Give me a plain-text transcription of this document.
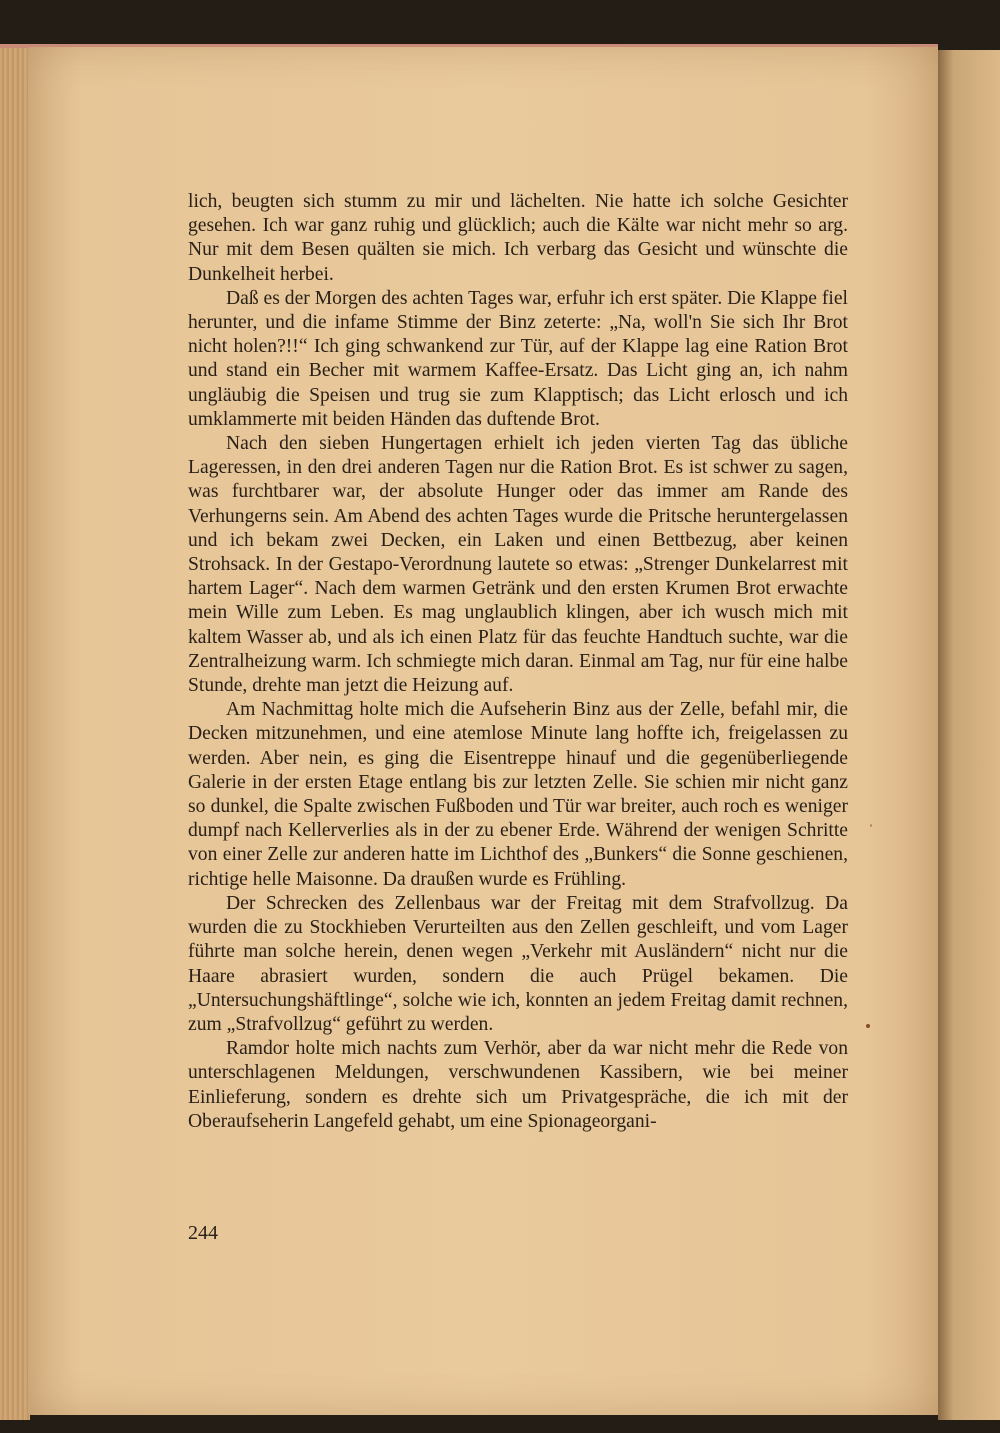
lich, beugten sich stumm zu mir und lächelten. Nie hatte ich solche Gesichter gesehen. Ich war ganz ruhig und glücklich; auch die Kälte war nicht mehr so arg. Nur mit dem Besen quälten sie mich. Ich verbarg das Gesicht und wünschte die Dunkelheit herbei.

Daß es der Morgen des achten Tages war, erfuhr ich erst später. Die Klappe fiel herunter, und die infame Stimme der Binz zeterte: „Na, woll'n Sie sich Ihr Brot nicht holen?!!“ Ich ging schwankend zur Tür, auf der Klappe lag eine Ration Brot und stand ein Becher mit warmem Kaffee-Ersatz. Das Licht ging an, ich nahm ungläubig die Speisen und trug sie zum Klapptisch; das Licht erlosch und ich umklammerte mit beiden Händen das duftende Brot.

Nach den sieben Hungertagen erhielt ich jeden vierten Tag das übliche Lageressen, in den drei anderen Tagen nur die Ration Brot. Es ist schwer zu sagen, was furchtbarer war, der absolute Hunger oder das immer am Rande des Verhungerns sein. Am Abend des achten Tages wurde die Pritsche heruntergelassen und ich bekam zwei Decken, ein Laken und einen Bettbezug, aber keinen Strohsack. In der Gestapo-Verordnung lautete so etwas: „Strenger Dunkelarrest mit hartem Lager“. Nach dem warmen Getränk und den ersten Krumen Brot erwachte mein Wille zum Leben. Es mag unglaublich klingen, aber ich wusch mich mit kaltem Wasser ab, und als ich einen Platz für das feuchte Handtuch suchte, war die Zentralheizung warm. Ich schmiegte mich daran. Einmal am Tag, nur für eine halbe Stunde, drehte man jetzt die Heizung auf.

Am Nachmittag holte mich die Aufseherin Binz aus der Zelle, befahl mir, die Decken mitzunehmen, und eine atemlose Minute lang hoffte ich, freigelassen zu werden. Aber nein, es ging die Eisentreppe hinauf und die gegenüberliegende Galerie in der ersten Etage entlang bis zur letzten Zelle. Sie schien mir nicht ganz so dunkel, die Spalte zwischen Fußboden und Tür war breiter, auch roch es weniger dumpf nach Kellerverlies als in der zu ebener Erde. Während der wenigen Schritte von einer Zelle zur anderen hatte im Lichthof des „Bunkers“ die Sonne geschienen, richtige helle Maisonne. Da draußen wurde es Frühling.

Der Schrecken des Zellenbaus war der Freitag mit dem Strafvollzug. Da wurden die zu Stockhieben Verurteilten aus den Zellen geschleift, und vom Lager führte man solche herein, denen wegen „Verkehr mit Ausländern“ nicht nur die Haare abrasiert wurden, sondern die auch Prügel bekamen. Die „Untersuchungshäftlinge“, solche wie ich, konnten an jedem Freitag damit rechnen, zum „Strafvollzug“ geführt zu werden.

Ramdor holte mich nachts zum Verhör, aber da war nicht mehr die Rede von unterschlagenen Meldungen, verschwundenen Kassibern, wie bei meiner Einlieferung, sondern es drehte sich um Privatgespräche, die ich mit der Oberaufseherin Langefeld gehabt, um eine Spionageorgani-

244
